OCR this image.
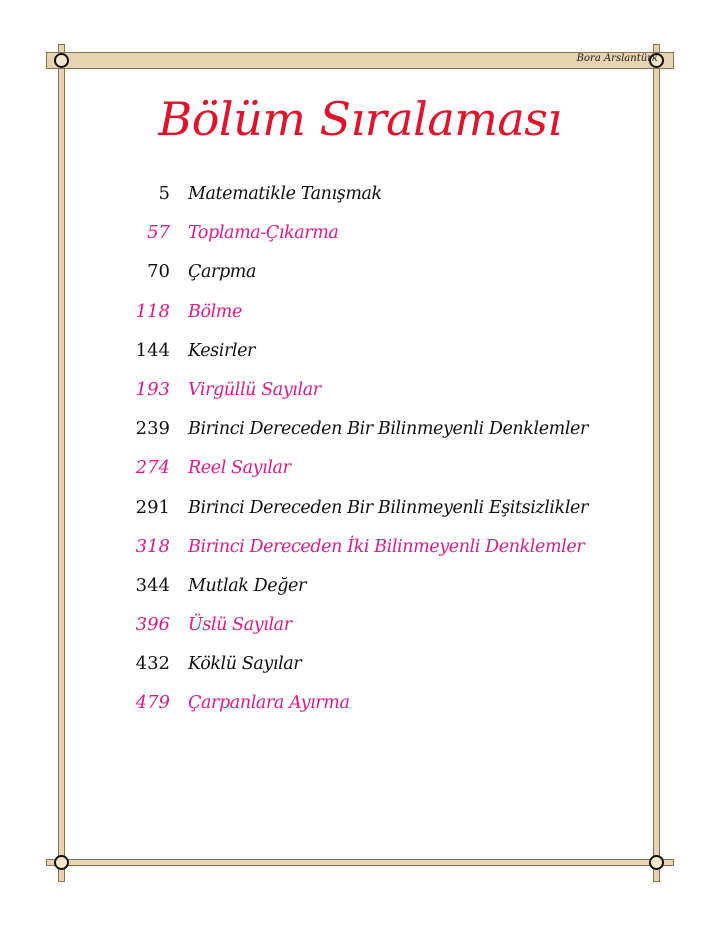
Bora Arslantürk
Bölüm Sıralaması
5 Matematikle Tanışmak
57 Toplama-Çıkarma
70 Çarpma
118 Bölme
144 Kesirler
193 Virgüllü Sayılar
239 Birinci Dereceden Bir Bilinmeyenli Denklemler
274 Reel Sayılar
291 Birinci Dereceden Bir Bilinmeyenli Eşitsizlikler
318 Birinci Dereceden İki Bilinmeyenli Denklemler
344 Mutlak Değer
396 Üslü Sayılar
432 Köklü Sayılar
479 Çarpanlara Ayırma
